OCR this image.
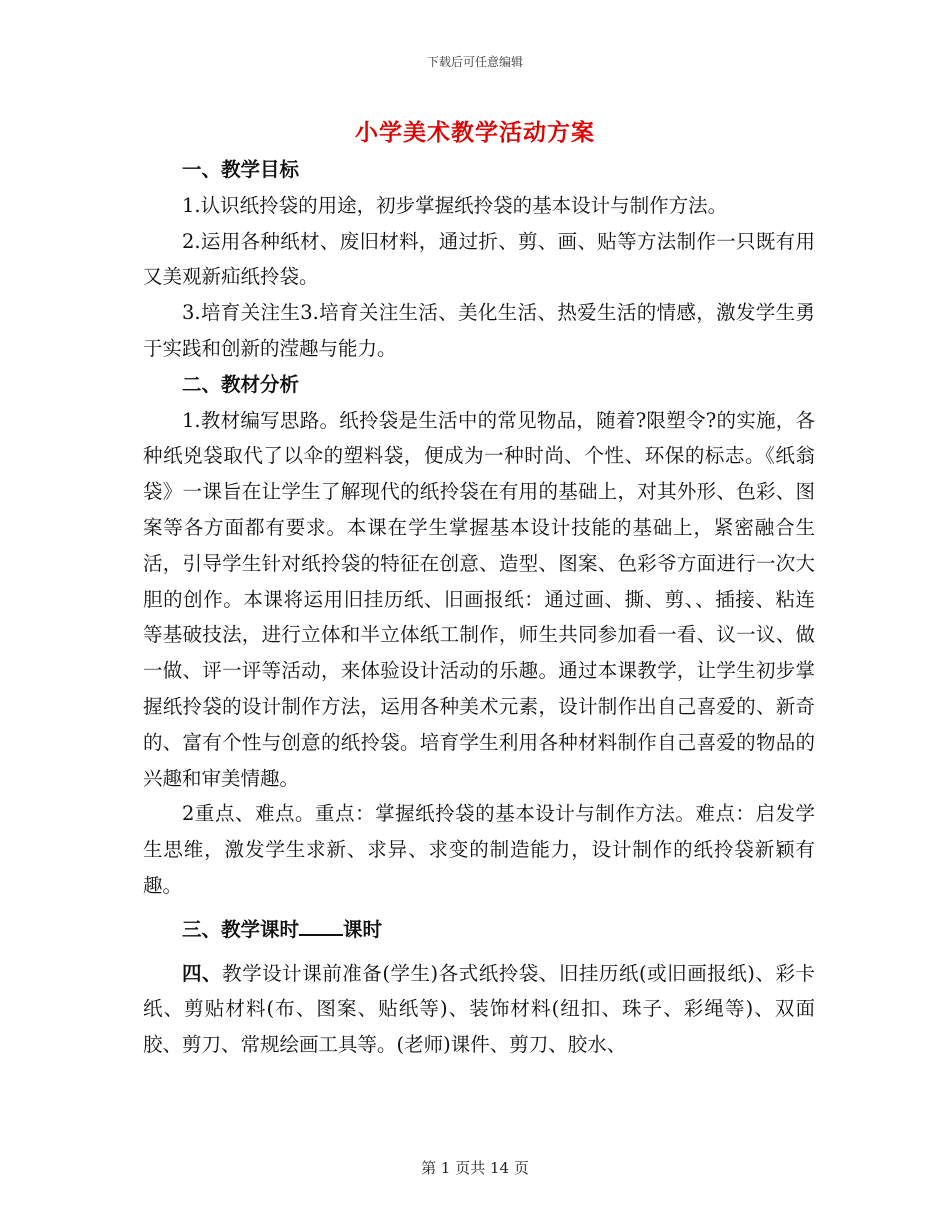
下载后可任意编辑
小学美术教学活动方案

一、教学目标

1.认识纸拎袋的用途，初步掌握纸拎袋的基本设计与制作方法。

2.运用各种纸材、废旧材料，通过折、剪、画、贴等方法制作一只既有用又美观新疝纸拎袋。

3.培育关注生3.培育关注生活、美化生活、热爱生活的情感，激发学生勇于实践和创新的滢趣与能力。

二、教材分析

1.教材编写思路。纸拎袋是生活中的常见物品，随着?限塑令?的实施，各种纸兇袋取代了以伞的塑料袋，便成为一种时尚、个性、环保的标志。《纸翁袋》一课旨在让学生了解现代的纸拎袋在有用的基础上，对其外形、色彩、图案等各方面都有要求。本课在学生掌握基本设计技能的基础上，紧密融合生活，引导学生针对纸拎袋的特征在创意、造型、图案、色彩爷方面进行一次大胆的创作。本课将运用旧挂历纸、旧画报纸：通过画、撕、剪、、插接、粘连等基破技法，进行立体和半立体纸工制作，师生共同参加看一看、议一议、做一做、评一评等活动，来体验设计活动的乐趣。通过本课教学，让学生初步掌握纸拎袋的设计制作方法，运用各种美术元素，设计制作出自己喜爱的、新奇的、富有个性与创意的纸拎袋。培育学生利用各种材料制作自己喜爱的物品的兴趣和审美情趣。

2重点、难点。重点：掌握纸拎袋的基本设计与制作方法。难点：启发学生思维，激发学生求新、求异、求变的制造能力，设计制作的纸拎袋新颖有趣。

三、教学课时 课时

四、教学设计课前准备(学生)各式纸拎袋、旧挂历纸(或旧画报纸)、彩卡纸、剪贴材料(布、图案、贴纸等)、装饰材料(纽扣、珠子、彩绳等)、双面胶、剪刀、常规绘画工具等。(老师)课件、剪刀、胶水、

第 1 页共 14 页
